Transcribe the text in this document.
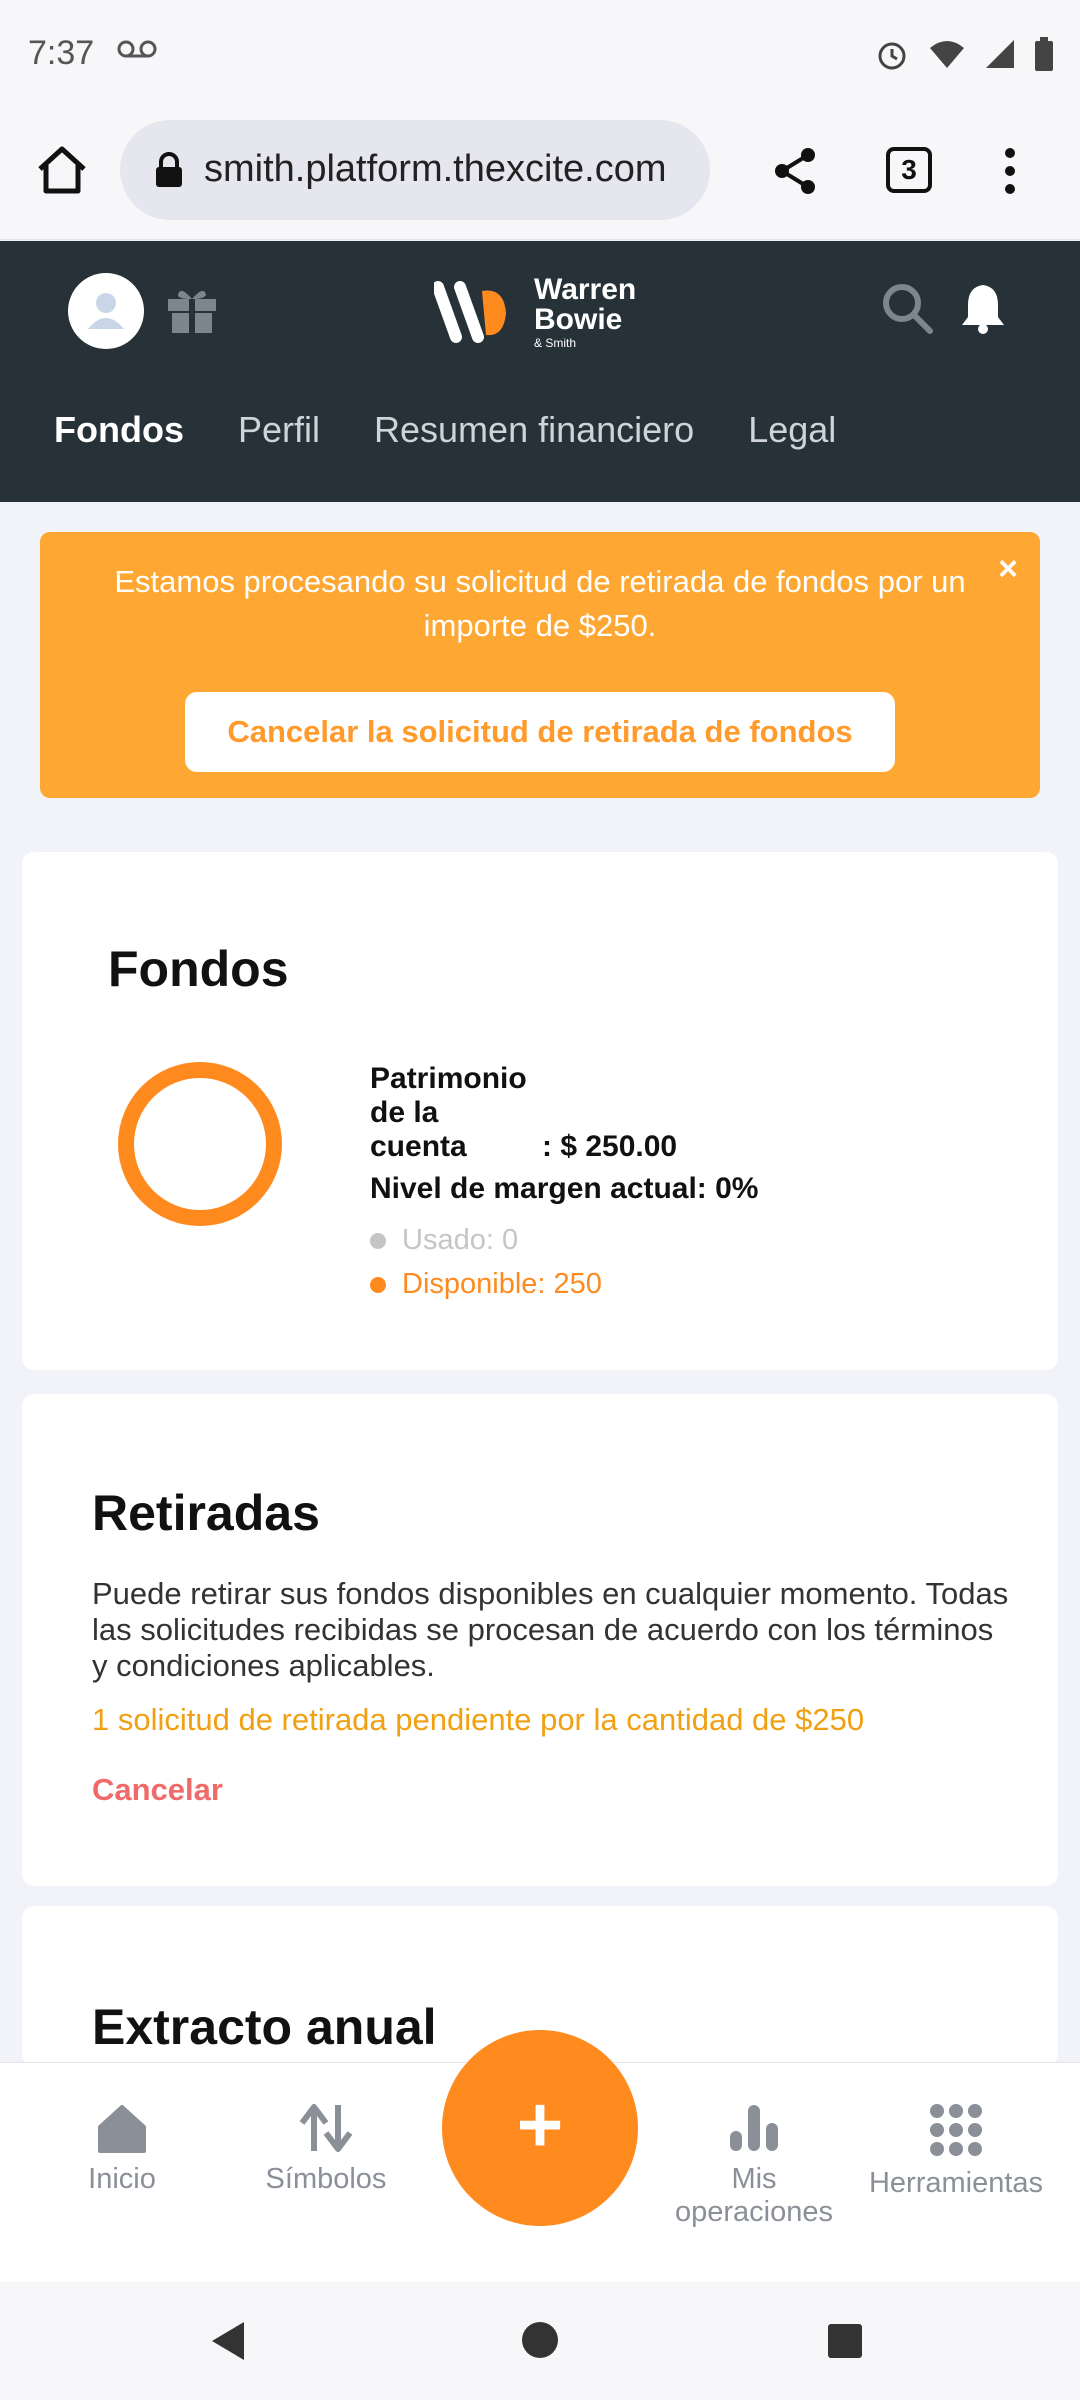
7:37
smith.platform.thexcite.com	3
Warren
Bowie
& Smith
Fondos Perfil Resumen financiero Legal
Estamos procesando su solicitud de retirada de fondos por un importe de $250.
×
Cancelar la solicitud de retirada de fondos
Fondos
Patrimonio de la cuenta	: $ 250.00
Nivel de margen actual: 0%
Usado: 0
Disponible: 250
Retiradas
Puede retirar sus fondos disponibles en cualquier momento. Todas las solicitudes recibidas se procesan de acuerdo con los términos y condiciones aplicables.
1 solicitud de retirada pendiente por la cantidad de $250
Cancelar
Extracto anual
Inicio	Símbolos	Mis
operaciones
Herramientas
+
